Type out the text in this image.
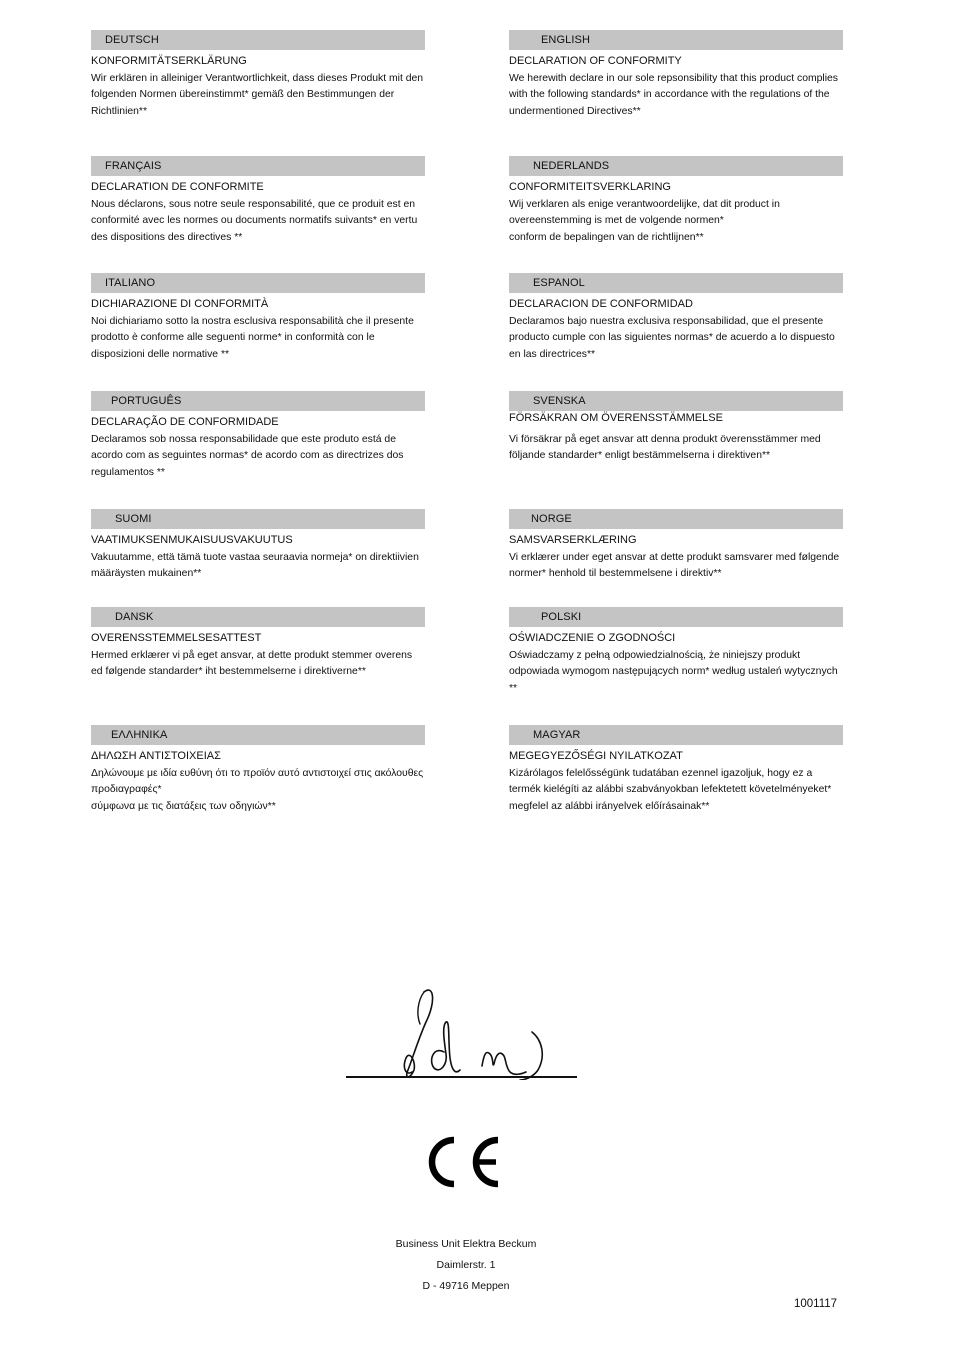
DEUTSCH
KONFORMITÄTSERKLÄRUNG
Wir erklären in alleiniger Verantwortlichkeit, dass dieses Produkt mit den folgenden Normen übereinstimmt* gemäß den Bestimmungen der Richtlinien**
ENGLISH
DECLARATION OF CONFORMITY
We herewith declare in our sole repsonsibility that this product complies with the following standards* in accordance with the regulations of the undermentioned Directives**
FRANÇAIS
DECLARATION DE CONFORMITE
Nous déclarons, sous notre seule responsabilité, que ce produit est en conformité avec les normes ou documents normatifs suivants* en vertu des dispositions des directives **
NEDERLANDS
CONFORMITEITSVERKLARING
Wij verklaren als enige verantwoordelijke, dat dit product in overeenstemming is met de volgende normen*
conform de bepalingen van de richtlijnen**
ITALIANO
DICHIARAZIONE DI CONFORMITÀ
Noi dichiariamo sotto la nostra esclusiva responsabilità che il presente prodotto è conforme alle seguenti norme* in conformità con le disposizioni delle normative **
ESPANOL
DECLARACION DE CONFORMIDAD
Declaramos bajo nuestra exclusiva responsabilidad, que el presente producto cumple con las siguientes normas* de acuerdo a lo dispuesto en las directrices**
PORTUGUÊS
DECLARAÇÃO DE CONFORMIDADE
Declaramos sob nossa responsabilidade que este produto está de acordo com as seguintes normas* de acordo com as directrizes dos regulamentos **
SVENSKA
FÖRSÄKRAN OM ÖVERENSSTÄMMELSE
Vi försäkrar på eget ansvar att denna produkt överensstämmer med följande standarder* enligt bestämmelserna i direktiven**
SUOMI
VAATIMUKSENMUKAISUUSVAKUUTUS
Vakuutamme, että tämä tuote vastaa seuraavia normeja* on direktiivien määräysten mukainen**
NORGE
SAMSVARSERKLÆRING
Vi erklærer under eget ansvar at dette produkt samsvarer med følgende normer* henhold til bestemmelsene i direktiv**
DANSK
OVERENSSTEMMELSESATTEST
Hermed erklærer vi på eget ansvar, at dette produkt stemmer overens ed følgende standarder* iht bestemmelserne i direktiverne**
POLSKI
OŚWIADCZENIE O ZGODNOŚCI
Oświadczamy z pełną odpowiedzialnością, że niniejszy produkt odpowiada wymogom następujących norm* według ustaleń wytycznych **
ΕΛΛΗΝΙΚΑ
ΔΗΛΩΣΗ ΑΝΤΙΣΤΟΙΧΕΙΑΣ
Δηλώνουμε με ιδία ευθύνη ότι το προϊόν αυτό αντιστοιχεί στις ακόλουθες προδιαγραφές*
σύμφωνα με τις διατάξεις των οδηγιών**
MAGYAR
MEGEGYEZŐSÉGI NYILATKOZAT
Kizárólagos felelősségünk tudatában ezennel igazoljuk, hogy ez a termék kielégíti az alábbi szabványokban lefektetett követelményeket* megfelel az alábbi irányelvek előírásainak**
Business Unit Elektra Beckum
Daimlerstr. 1
D - 49716 Meppen
1001117
